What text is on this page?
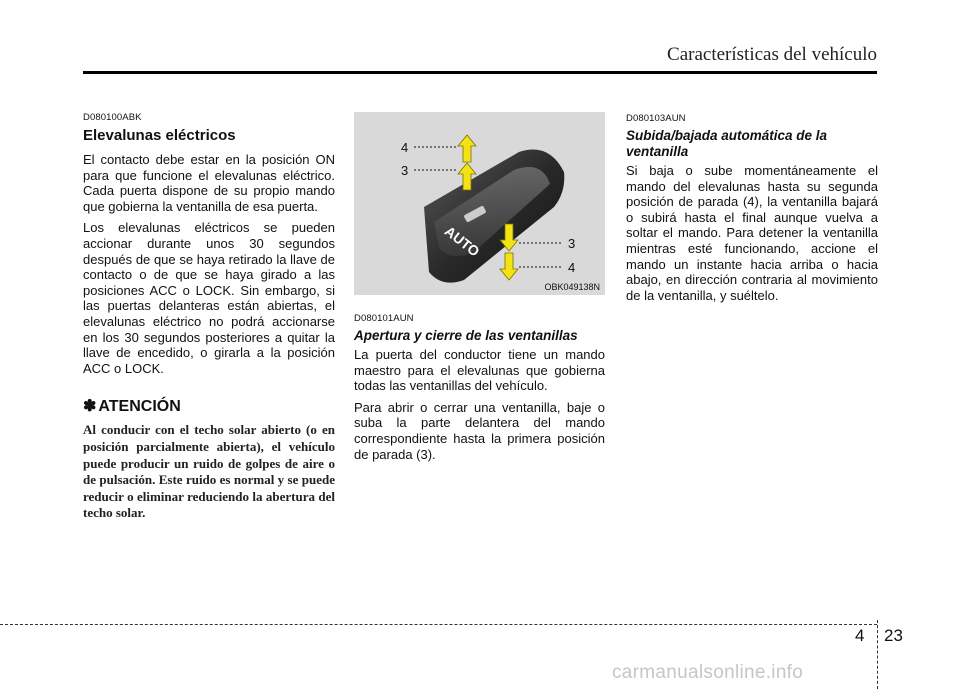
Características del vehículo
D080100ABK
Elevalunas eléctricos

El contacto debe estar en la posición ON para que funcione el elevalunas eléctrico. Cada puerta dispone de su propio mando que gobierna la ventanilla de esa puerta.

Los elevalunas eléctricos se pueden accionar durante unos 30 segundos después de que se haya retirado la llave de contacto o de que se haya girado a las posiciones ACC o LOCK. Sin embargo, si las puertas delanteras están abiertas, el elevalunas eléctrico no podrá accionarse en los 30 segundos posteriores a quitar la llave de encedido, o girarla a la posición ACC o LOCK.

✽ ATENCIÓN

Al conducir con el techo solar abierto (o en posición parcialmente abierta), el vehículo puede producir un ruido de golpes de aire o de pulsación. Este ruido es normal y se puede reducir o eliminar reduciendo la abertura del techo solar.

AUTO
4
3
3
4
OBK049138N
D080101AUN
Apertura y cierre de las ventanillas

La puerta del conductor tiene un mando maestro para el elevalunas que gobierna todas las ventanillas del vehículo.

Para abrir o cerrar una ventanilla, baje o suba la parte delantera del mando correspondiente hasta la primera posición de parada (3).

D080103AUN
Subida/bajada automática de la ventanilla

Si baja o sube momentáneamente el mando del elevalunas hasta su segunda posición de parada (4), la ventanilla bajará o subirá hasta el final aunque vuelva a soltar el mando. Para detener la ventanilla mientras esté funcionando, accione el mando un instante hacia arriba o hacia abajo, en dirección contraria al movimiento de la ventanilla, y suéltelo.

4 23
carmanualsonline.info
